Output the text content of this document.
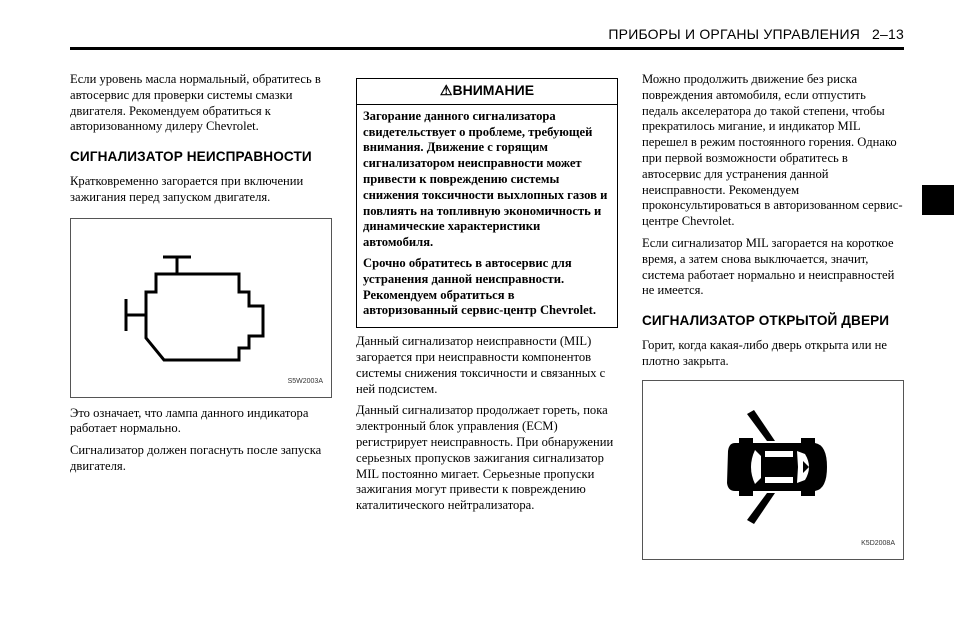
ПРИБОРЫ И ОРГАНЫ УПРАВЛЕНИЯ 2–13

Если уровень масла нормальный, обратитесь в автосервис для проверки системы смазки двигателя. Рекомендуем обратиться к авторизованному дилеру Chevrolet.

СИГНАЛИЗАТОР НЕИСПРАВНОСТИ

Кратковременно загорается при включении зажигания перед запуском двигателя.

S5W2003A

Это означает, что лампа данного индикатора работает нормально.

Сигнализатор должен погаснуть после запуска двигателя.

⚠ВНИМАНИЕ

Загорание данного сигнализатора свидетельствует о проблеме, требующей внимания. Движение с горящим сигнализатором неисправности может привести к повреждению системы снижения токсичности выхлопных газов и повлиять на топливную экономичность и динамические характеристики автомобиля.

Срочно обратитесь в автосервис для устранения данной неисправности. Рекомендуем обратиться в авторизованный сервис-центр Chevrolet.

Данный сигнализатор неисправности (MIL) загорается при неисправности компонентов системы снижения токсичности и связанных с ней подсистем.

Данный сигнализатор продолжает гореть, пока электронный блок управления (ECM) регистрирует неисправность. При обнаружении серьезных пропусков зажигания сигнализатор MIL постоянно мигает. Серьезные пропуски зажигания могут привести к повреждению каталитического нейтрализатора.

Можно продолжить движение без риска повреждения автомобиля, если отпустить педаль акселератора до такой степени, чтобы прекратилось мигание, и индикатор MIL перешел в режим постоянного горения. Однако при первой возможности обратитесь в автосервис для устранения данной неисправности. Рекомендуем проконсультироваться в авторизованном сервис-центре Chevrolet.

Если сигнализатор MIL загорается на короткое время, а затем снова выключается, значит, система работает нормально и неисправностей не имеется.

СИГНАЛИЗАТОР ОТКРЫТОЙ ДВЕРИ

Горит, когда какая-либо дверь открыта или не плотно закрыта.

K5D2008A
